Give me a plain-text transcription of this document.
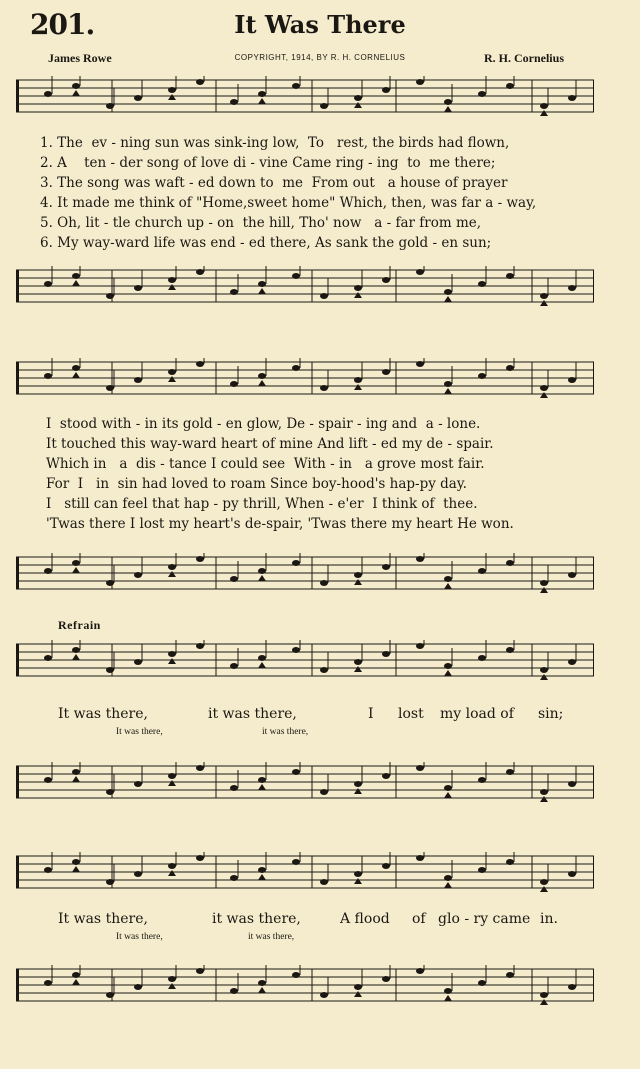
201.	It Was There
James Rowe	COPYRIGHT, 1914, BY R. H. CORNELIUS	R. H. Cornelius
1. The  ev - ning sun was sink-ing low,  To   rest, the birds had flown,
2. A    ten - der song of love di - vine Came ring - ing  to  me there;
3. The song was waft - ed down to  me  From out   a house of prayer
4. It made me think of "Home,sweet home" Which, then, was far a - way,
5. Oh, lit - tle church up - on  the hill, Tho' now   a - far from me,
6. My way-ward life was end - ed there, As sank the gold - en sun;
I  stood with - in its gold - en glow, De - spair - ing and  a - lone.
It touched this way-ward heart of mine And lift - ed my de - spair.
Which in   a  dis - tance I could see  With - in   a grove most fair.
For  I   in  sin had loved to roam Since boy-hood's hap-py day.
I   still can feel that hap - py thrill, When - e'er  I think of  thee.
'Twas there I lost my heart's de-spair, 'Twas there my heart He won.
Refrain
It was there,	it was there,	I lost my load of sin;
It was there,	it was there,
It was there,	it was there,	A flood of glo - ry came in.
It was there,	it was there,
